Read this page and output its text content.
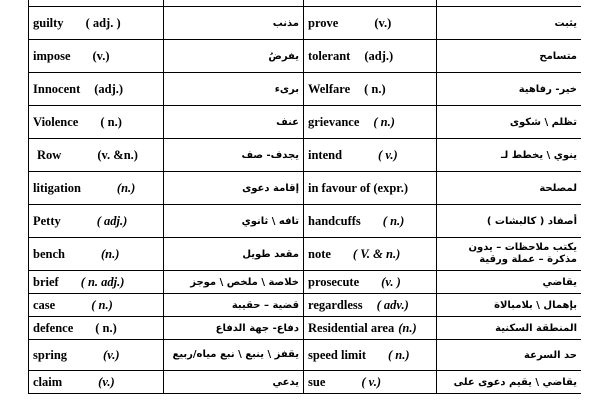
guilty ( adj. )	مذنب	prove (v.)	يثبت
impose (v.)	يفرضُ	tolerant (adj.)	متسامح
Innocent (adj.)	برىء	Welfare ( n.)	خير- رفاهية
Violence ( n.)	عنف	grievance ( n.)	تظلم \ شكوى
Row (v. &n.)	يجدف- صف	intend ( v.)	ينوي \ يخطط لـ
litigation (n.)	إقامة دعوى	in favour of (expr.)	لمصلحة
Petty ( adj.)	تافه \ ثانوي	handcuffs ( n.)	أصفاد ( كالبشات )
bench (n.)	مقعد طويل	note ( V. & n.)	يكتب ملاحظات – يدون مذكرة – عملة ورقية
brief ( n. adj.)	خلاصة \ ملخص \ موجز	prosecute (v. )	يقاضي
case ( n.)	قضية – حقيبة	regardless ( adv.)	بإهمال \ بلامبالاة
defence ( n.)	دفاع- جهة الدفاع	Residential area (n.)	المنطقة السكنية
spring (v.)	يقفز \ ينبع \ نبع مياه/ربيع	speed limit ( n.)	حد السرعة
claim (v.)	يدعي	sue ( v.)	يقاضي \ يقيم دعوى على
